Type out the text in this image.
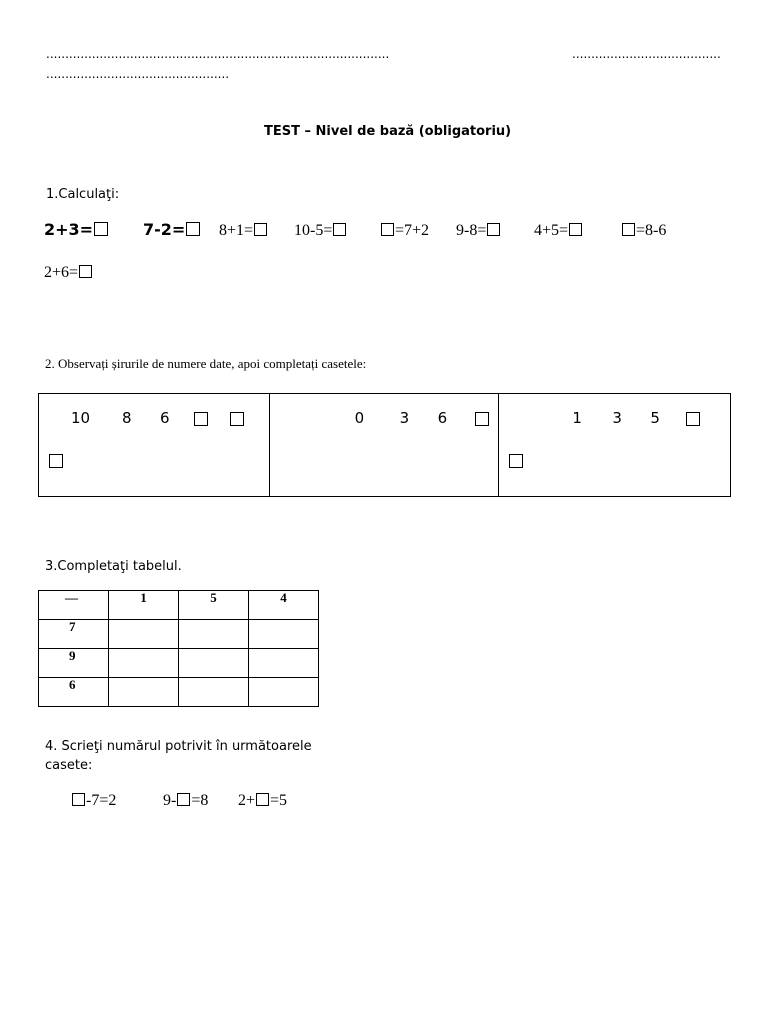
..........................................................................................	.......................................
................................................
TEST – Nivel de bază (obligatoriu)
1.Calculaţi:
2+3=	7-2=	8+1=	10-5=	=7+2 9-8=	4+5=	=8-6
2+6=
2. Observați șirurile de numere date, apoi completați casetele:
10 8 6	0 3 6	1 3 5
3.Completaţi tabelul.
—	1	5	4
7			
9			
6			
4. Scrieţi numărul potrivit în următoarele
casete:
-7=2	9- =8 2+ =5
